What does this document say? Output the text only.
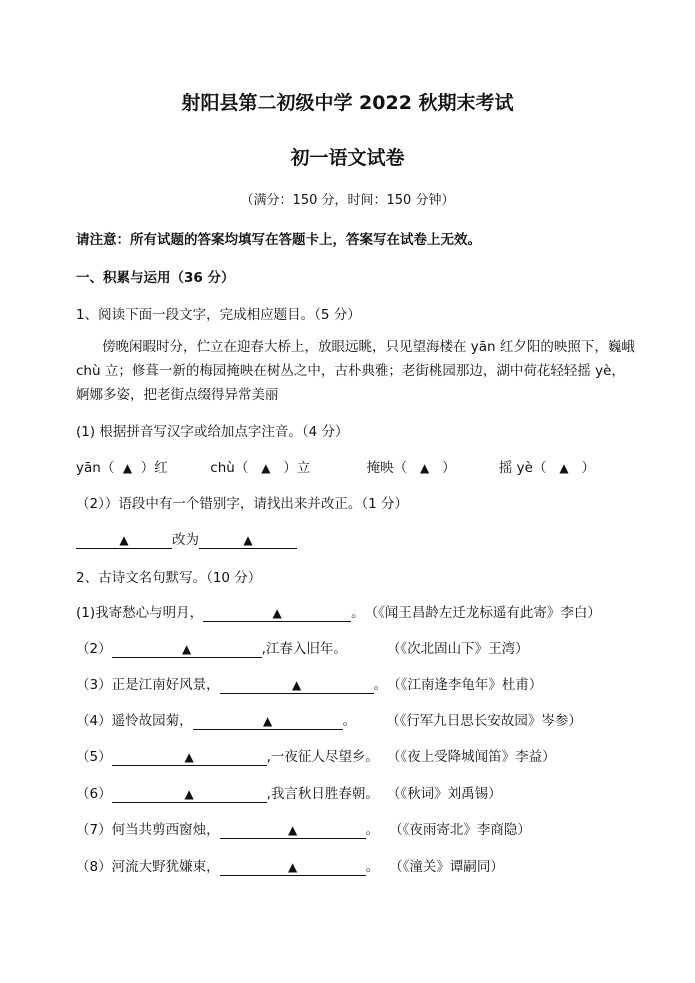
射阳县第二初级中学 2022 秋期末考试
初一语文试卷
（满分：150 分，时间：150 分钟）
请注意：所有试题的答案均填写在答题卡上，答案写在试卷上无效。
一、积累与运用（36 分）
1、阅读下面一段文字，完成相应题目。（5 分）
傍晚闲暇时分，伫立在迎春大桥上，放眼远眺，只见望海楼在 yān 红夕阳的映照下，巍峨 chù 立；修葺一新的梅园掩映在树丛之中，古朴典雅；老街桃园那边，湖中荷花轻轻摇 yè，婀娜多姿，把老街点缀得异常美丽
(1) 根据拼音写汉字或给加点字注音。（4 分）
yān（ ▲ ）红	chù（ ▲ ）立	掩映（ ▲ ）	摇 yè（ ▲ ）
（2））语段中有一个错别字，请找出来并改正。（1 分）
▲	改为	▲
2、古诗文名句默写。（10 分）
(1)我寄愁心与明月，	▲	。（《闻王昌龄左迁龙标遥有此寄》李白）
（2）	▲	,江春入旧年。	（《次北固山下》王湾）
（3）正是江南好风景，	▲	。（《江南逢李龟年》杜甫）
（4）遥怜故园菊，	▲	。 （《行军九日思长安故园》岑参）
（5）	▲	,一夜征人尽望乡。 （《夜上受降城闻笛》李益）
（6）	▲	,我言秋日胜春朝。 （《秋词》刘禹锡）
（7）何当共剪西窗烛，	▲	。 （《夜雨寄北》李商隐）
（8）河流大野犹嫌束，	▲	。 （《潼关》谭嗣同）
